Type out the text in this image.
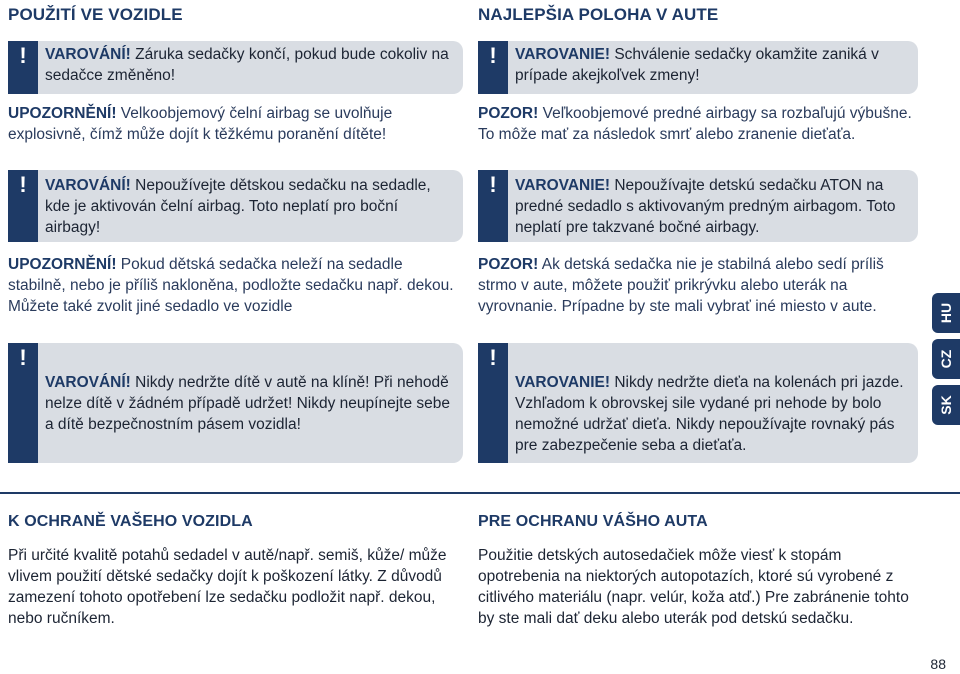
POUŽITÍ VE VOZIDLE
!	VAROVÁNÍ! Záruka sedačky končí, pokud bude cokoliv na sedačce změněno!
UPOZORNĚNÍ! Velkoobjemový čelní airbag se uvolňuje explosivně, čímž může dojít k těžkému poranění dítěte!
!	VAROVÁNÍ! Nepoužívejte dětskou sedačku na sedadle, kde je aktivován čelní airbag. Toto neplatí pro boční airbagy!
UPOZORNĚNÍ! Pokud dětská sedačka neleží na sedadle stabilně, nebo je příliš nakloněna, podložte sedačku např. dekou. Můžete také zvolit jiné sedadlo ve vozidle
!
VAROVÁNÍ! Nikdy nedržte dítě v autě na klíně! Při nehodě nelze dítě v žádném případě udržet! Nikdy neupínejte sebe a dítě bezpečnostním pásem vozidla!
NAJLEPŠIA POLOHA V AUTE
!	VAROVANIE! Schválenie sedačky okamžite zaniká v prípade akejkoľvek zmeny!
POZOR! Veľkoobjemové predné airbagy sa rozbaľujú výbušne. To môže mať za následok smrť alebo zranenie dieťaťa.
!	VAROVANIE! Nepoužívajte detskú sedačku ATON na predné sedadlo s aktivovaným predným airbagom. Toto neplatí pre takzvané bočné airbagy.
POZOR! Ak detská sedačka nie je stabilná alebo sedí príliš strmo v aute, môžete použiť prikrývku alebo uterák na vyrovnanie. Prípadne by ste mali vybrať iné miesto v aute.
!
VAROVANIE! Nikdy nedržte dieťa na kolenách pri jazde. Vzhľadom k obrovskej sile vydané pri nehode by bolo nemožné udržať dieťa. Nikdy nepoužívajte rovnaký pás pre zabezpečenie seba a dieťaťa.
HU
CZ
SK
K OCHRANĚ VAŠEHO VOZIDLA
Při určité kvalitě potahů sedadel v autě/např. semiš, kůže/ může vlivem použití dětské sedačky dojít k poškození látky. Z důvodů zamezení tohoto opotřebení lze sedačku podložit např. dekou, nebo ručníkem.
PRE OCHRANU VÁŠHO AUTA
Použitie detských autosedačiek môže viesť k stopám opotrebenia na niektorých autopotazích, ktoré sú vyrobené z citlivého materiálu (napr. velúr, koža atď.) Pre zabránenie tohto by ste mali dať deku alebo uterák pod detskú sedačku.
88
